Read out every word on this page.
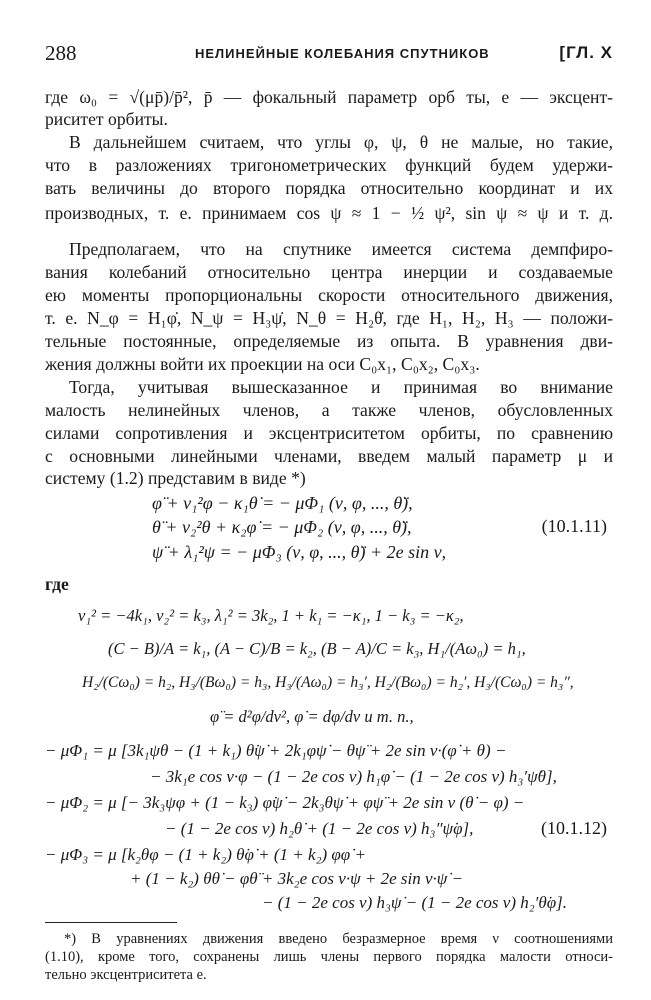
288	НЕЛИНЕЙНЫЕ КОЛЕБАНИЯ СПУТНИКОВ	[ГЛ. X
где ω₀ = √(μp̄)/p̄², p̄ — фокальный параметр орб ты, e — эксцент-
риситет орбиты.
В дальнейшем считаем, что углы φ, ψ, θ не малые, но такие,
что в разложениях тригонометрических функций будем удержи-
вать величины до второго порядка относительно координат и их
производных, т. е. принимаем cos ψ ≈ 1 − ½ ψ², sin ψ ≈ ψ и т. д.
Предполагаем, что на спутнике имеется система демпфиро-
вания колебаний относительно центра инерции и создаваемые
ею моменты пропорциональны скорости относительного движения,
т. е. N_φ = H₁φ̇, N_ψ = H₃ψ̇, N_θ = H₂θ̇, где H₁, H₂, H₃ — положи-
тельные постоянные, определяемые из опыта. В уравнения дви-
жения должны войти их проекции на оси C₀x₁, C₀x₂, C₀x₃.
Тогда, учитывая вышесказанное и принимая во внимание
малость нелинейных членов, а также членов, обусловленных
силами сопротивления и эксцентриситетом орбиты, по сравнению
с основными линейными членами, введем малый параметр μ и
систему (1.2) представим в виде *)
φ̈ + ν₁²φ − κ₁θ̇ = − μΦ₁ (ν, φ, ..., θ̈),
θ̈ + ν₂²θ + κ₂φ̇ = − μΦ₂ (ν, φ, ..., θ̈),	(10.1.11)
ψ̈ + λ₁²ψ = − μΦ₃ (ν, φ, ..., θ̈) + 2e sin ν,
где
ν₁² = −4k₁, ν₂² = k₃, λ₁² = 3k₂, 1 + k₁ = −κ₁, 1 − k₃ = −κ₂,
(C − B)/A = k₁, (A − C)/B = k₂, (B − A)/C = k₃, H₁/(Aω₀) = h₁,
H₂/(Cω₀) = h₂, H₃/(Bω₀) = h₃, H₃/(Aω₀) = h₃′, H₂/(Bω₀) = h₂′, H₃/(Cω₀) = h₃″,
φ̈ = d²φ/dν², φ̇ = dφ/dν и т. п.,
− μΦ₁ = μ [3k₁ψθ − (1 + k₁) θ̇ψ̇ + 2k₁φψ̇ − θψ̈ + 2e sin ν·(φ̇ + θ) −
− 3k₁e cos ν·φ − (1 − 2e cos ν) h₁φ̇ − (1 − 2e cos ν) h₃′ψ̇θ],
− μΦ₂ = μ [− 3k₃ψφ + (1 − k₃) φ̇ψ̇ − 2k₃θψ̇ + φψ̈ + 2e sin ν (θ̇ − φ) −
− (1 − 2e cos ν) h₂θ̇ + (1 − 2e cos ν) h₃″ψ̇φ],	(10.1.12)
− μΦ₃ = μ [k₂θφ − (1 + k₂) θ̇φ̇ + (1 + k₂) φφ̇ +
+ (1 − k₂) θθ̇ − φθ̈ + 3k₂e cos ν·ψ + 2e sin ν·ψ̇ −
− (1 − 2e cos ν) h₃ψ̇ − (1 − 2e cos ν) h₂′θ̇φ].
*) В уравнениях движения введено безразмерное время ν соотношениями
(1.10), кроме того, сохранены лишь члены первого порядка малости относи-
тельно эксцентриситета e.
